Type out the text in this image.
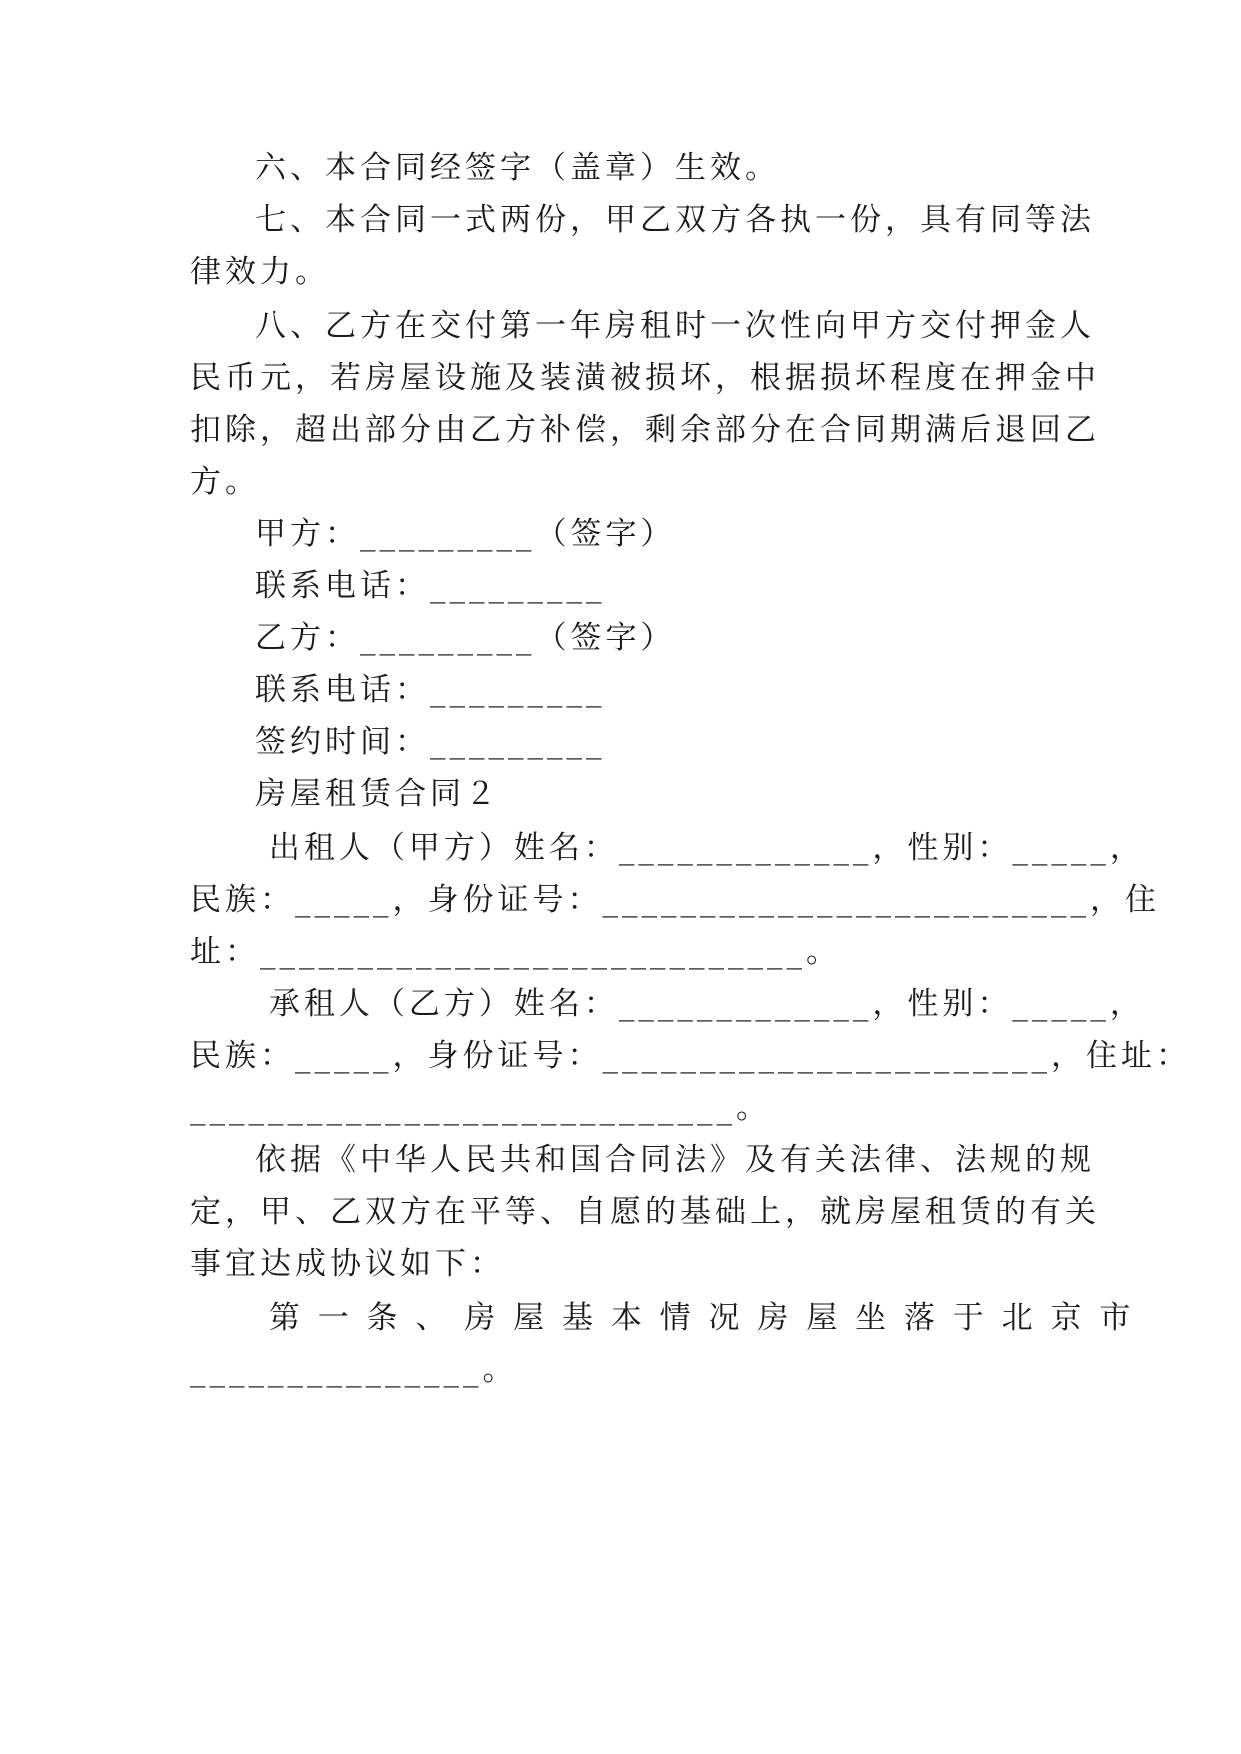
六、本合同经签字（盖章）生效。
七、本合同一式两份，甲乙双方各执一份，具有同等法
律效力。
八、乙方在交付第一年房租时一次性向甲方交付押金人
民币元，若房屋设施及装潢被损坏，根据损坏程度在押金中
扣除，超出部分由乙方补偿，剩余部分在合同期满后退回乙
方。
甲方：_________（签字）
联系电话：_________
乙方：_________（签字）
联系电话：_________
签约时间：_________
房屋租赁合同２
出租人（甲方）姓名：_____________，性别：_____，
民族：_____，身份证号：_________________________，住
址：____________________________。
承租人（乙方）姓名：_____________，性别：_____，
民族：_____，身份证号：_______________________，住址：
____________________________。
依据《中华人民共和国合同法》及有关法律、法规的规
定，甲、乙双方在平等、自愿的基础上，就房屋租赁的有关
事宜达成协议如下：
第 一 条 、 房 屋 基 本 情 况 房 屋 坐 落 于 北 京 市
_______________。
